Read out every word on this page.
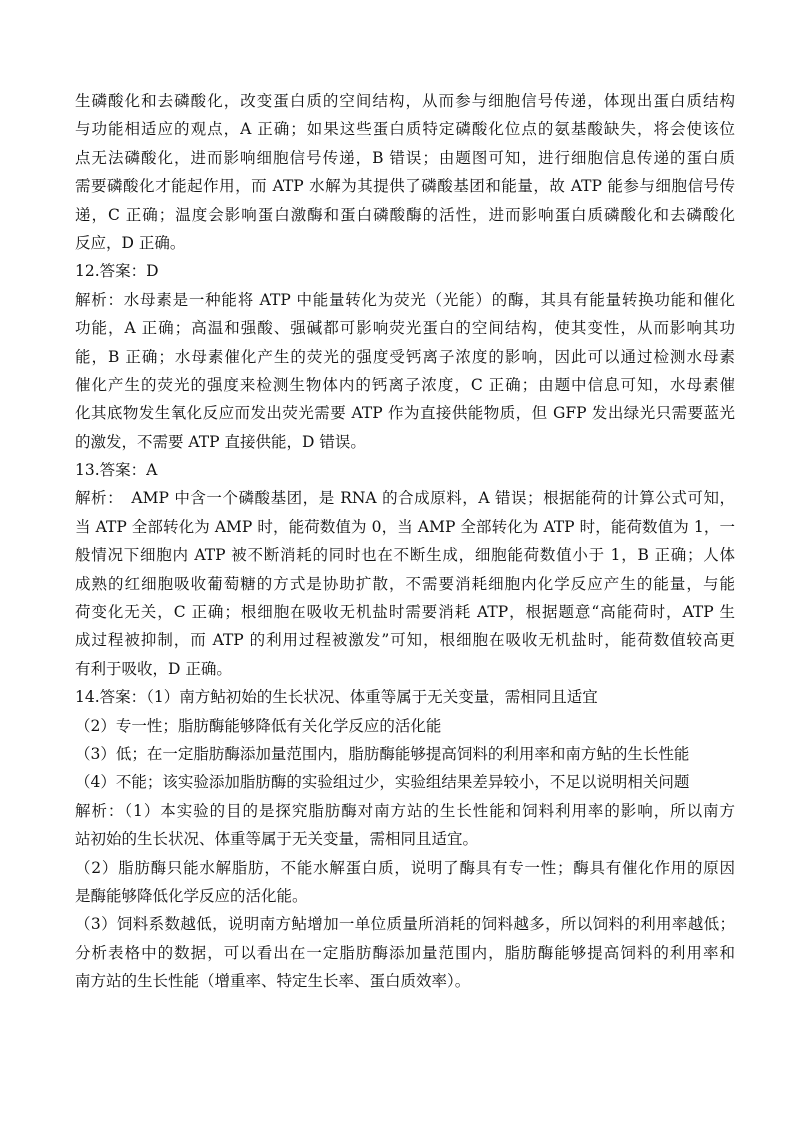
生磷酸化和去磷酸化，改变蛋白质的空间结构，从而参与细胞信号传递，体现出蛋白质结构
与功能相适应的观点，A 正确；如果这些蛋白质特定磷酸化位点的氨基酸缺失，将会使该位
点无法磷酸化，进而影响细胞信号传递，B 错误；由题图可知，进行细胞信息传递的蛋白质
需要磷酸化才能起作用，而 ATP 水解为其提供了磷酸基团和能量，故 ATP 能参与细胞信号传
递，C 正确；温度会影响蛋白激酶和蛋白磷酸酶的活性，进而影响蛋白质磷酸化和去磷酸化
反应，D 正确。
12.答案：D
解析：水母素是一种能将 ATP 中能量转化为荧光（光能）的酶，其具有能量转换功能和催化
功能，A 正确；高温和强酸、强碱都可影响荧光蛋白的空间结构，使其变性，从而影响其功
能，B 正确；水母素催化产生的荧光的强度受钙离子浓度的影响，因此可以通过检测水母素
催化产生的荧光的强度来检测生物体内的钙离子浓度，C 正确；由题中信息可知，水母素催
化其底物发生氧化反应而发出荧光需要 ATP 作为直接供能物质，但 GFP 发出绿光只需要蓝光
的激发，不需要 ATP 直接供能，D 错误。
13.答案：A
解析：　AMP 中含一个磷酸基团，是 RNA 的合成原料，A 错误；根据能荷的计算公式可知，
当 ATP 全部转化为 AMP 时，能荷数值为 0，当 AMP 全部转化为 ATP 时，能荷数值为 1，一
般情况下细胞内 ATP 被不断消耗的同时也在不断生成，细胞能荷数值小于 1，B 正确；人体
成熟的红细胞吸收葡萄糖的方式是协助扩散，不需要消耗细胞内化学反应产生的能量，与能
荷变化无关，C 正确；根细胞在吸收无机盐时需要消耗 ATP，根据题意“高能荷时，ATP 生
成过程被抑制，而 ATP 的利用过程被激发”可知，根细胞在吸收无机盐时，能荷数值较高更
有利于吸收，D 正确。
14.答案：（1）南方鲇初始的生长状况、体重等属于无关变量，需相同且适宜
（2）专一性；脂肪酶能够降低有关化学反应的活化能
（3）低；在一定脂肪酶添加量范围内，脂肪酶能够提高饲料的利用率和南方鲇的生长性能
（4）不能；该实验添加脂肪酶的实验组过少，实验组结果差异较小，不足以说明相关问题
解析：（1）本实验的目的是探究脂肪酶对南方站的生长性能和饲料利用率的影响，所以南方
站初始的生长状况、体重等属于无关变量，需相同且适宜。
（2）脂肪酶只能水解脂肪，不能水解蛋白质，说明了酶具有专一性；酶具有催化作用的原因
是酶能够降低化学反应的活化能。
（3）饲料系数越低，说明南方鲇增加一单位质量所消耗的饲料越多，所以饲料的利用率越低；
分析表格中的数据，可以看出在一定脂肪酶添加量范围内，脂肪酶能够提高饲料的利用率和
南方站的生长性能（增重率、特定生长率、蛋白质效率）。
